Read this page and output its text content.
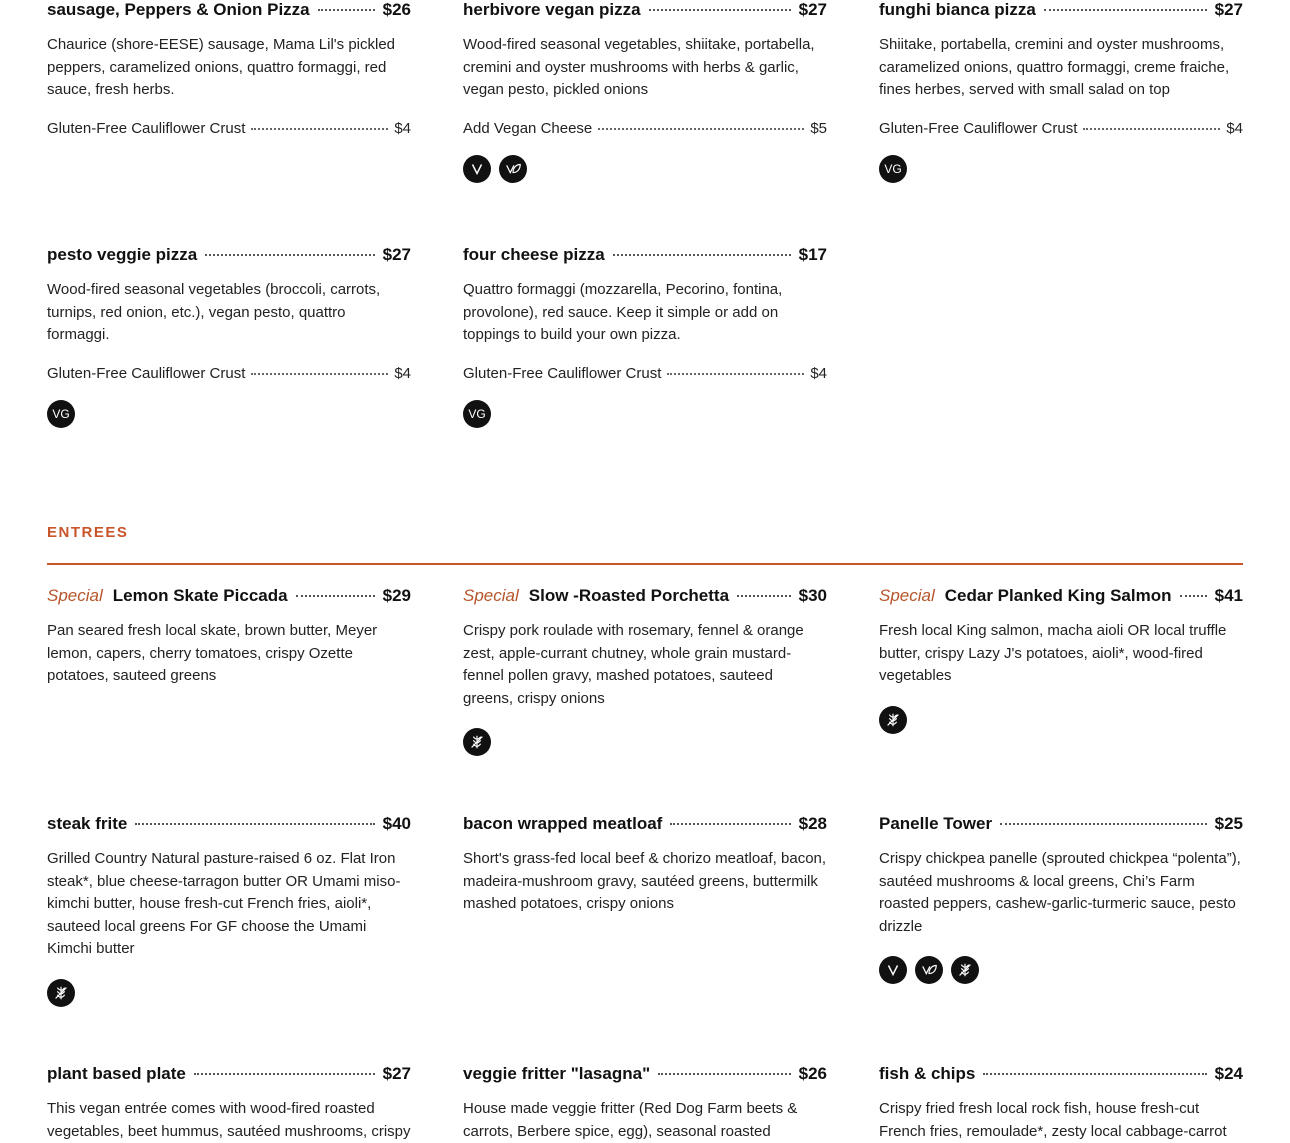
sausage, Peppers & Onion Pizza	$26
Chaurice (shore-EESE) sausage, Mama Lil's pickled peppers, caramelized onions, quattro formaggi, red sauce, fresh herbs.
Gluten-Free Cauliflower Crust	$4
herbivore vegan pizza	$27
Wood-fired seasonal vegetables, shiitake, portabella, cremini and oyster mushrooms with herbs & garlic, vegan pesto, pickled onions
Add Vegan Cheese	$5
funghi bianca pizza	$27
Shiitake, portabella, cremini and oyster mushrooms, caramelized onions, quattro formaggi, creme fraiche, fines herbes, served with small salad on top
Gluten-Free Cauliflower Crust	$4
VG
pesto veggie pizza	$27
Wood-fired seasonal vegetables (broccoli, carrots, turnips, red onion, etc.), vegan pesto, quattro formaggi.
Gluten-Free Cauliflower Crust	$4
VG
four cheese pizza	$17
Quattro formaggi (mozzarella, Pecorino, fontina, provolone), red sauce. Keep it simple or add on toppings to build your own pizza.
Gluten-Free Cauliflower Crust	$4
VG
ENTREES
Special Lemon Skate Piccada	$29
Pan seared fresh local skate, brown butter, Meyer lemon, capers, cherry tomatoes, crispy Ozette potatoes, sauteed greens
Special Slow -Roasted Porchetta	$30
Crispy pork roulade with rosemary, fennel & orange zest, apple-currant chutney, whole grain mustard-fennel pollen gravy, mashed potatoes, sauteed greens, crispy onions
Special Cedar Planked King Salmon	$41
Fresh local King salmon, macha aioli OR local truffle butter, crispy Lazy J's potatoes, aioli*, wood-fired vegetables
steak frite	$40
Grilled Country Natural pasture-raised 6 oz. Flat Iron steak*, blue cheese-tarragon butter OR Umami miso-kimchi butter, house fresh-cut French fries, aioli*, sauteed local greens For GF choose the Umami Kimchi butter
bacon wrapped meatloaf	$28
Short's grass-fed local beef & chorizo meatloaf, bacon, madeira-mushroom gravy, sautéed greens, buttermilk mashed potatoes, crispy onions
Panelle Tower	$25
Crispy chickpea panelle (sprouted chickpea “polenta”), sautéed mushrooms & local greens, Chi’s Farm roasted peppers, cashew-garlic-turmeric sauce, pesto drizzle
plant based plate	$27
This vegan entrée comes with wood-fired roasted vegetables, beet hummus, sautéed mushrooms, crispy
veggie fritter "lasagna"	$26
House made veggie fritter (Red Dog Farm beets & carrots, Berbere spice, egg), seasonal roasted
fish & chips	$24
Crispy fried fresh local rock fish, house fresh-cut French fries, remoulade*, zesty local cabbage-carrot
